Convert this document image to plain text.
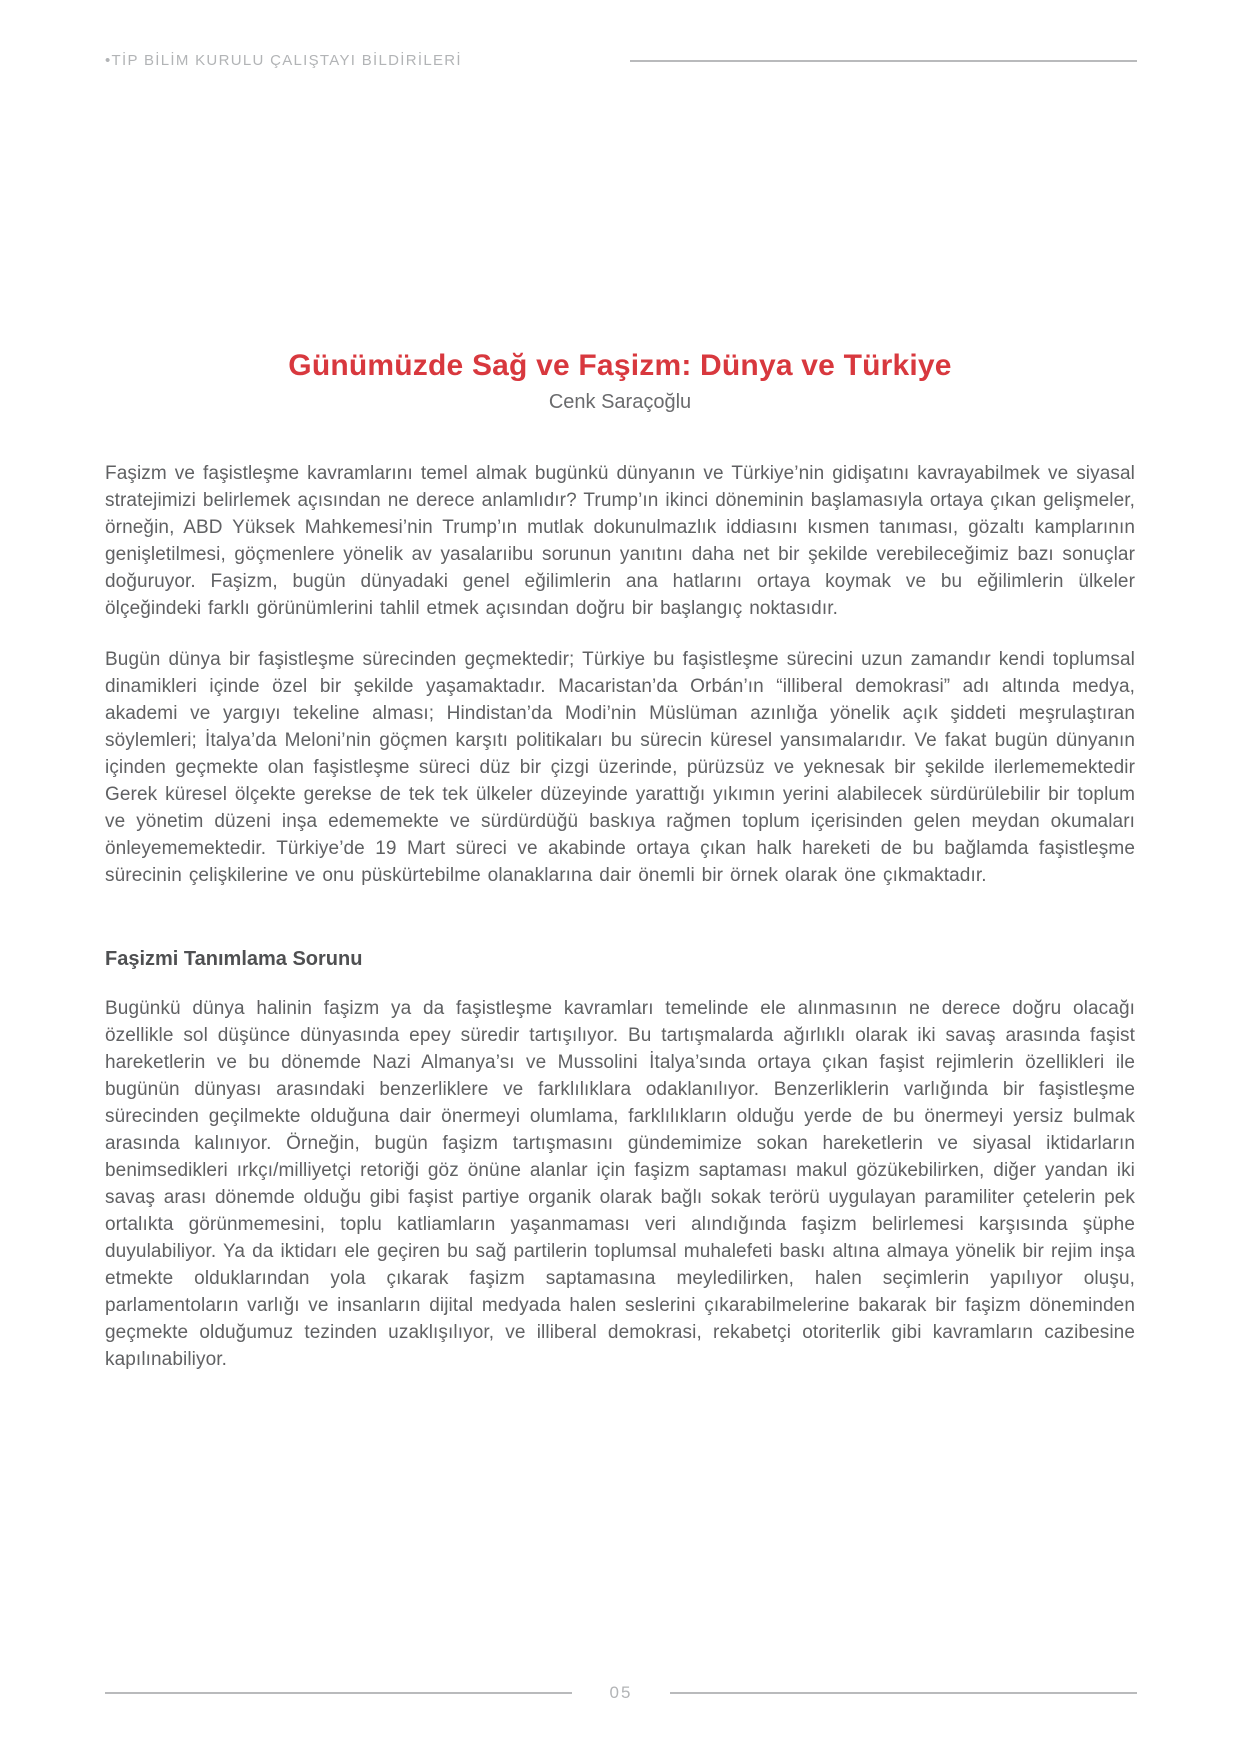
•TİP BİLİM KURULU ÇALIŞTAYI BİLDİRİLERİ
Günümüzde Sağ ve Faşizm: Dünya ve Türkiye
Cenk Saraçoğlu

Faşizm ve faşistleşme kavramlarını temel almak bugünkü dünyanın ve Türkiye’nin gidişatını kavrayabilmek ve siyasal stratejimizi belirlemek açısından ne derece anlamlıdır? Trump’ın ikinci döneminin başlamasıyla ortaya çıkan gelişmeler, örneğin, ABD Yüksek Mahkemesi’nin Trump’ın mutlak dokunulmazlık iddiasını kısmen tanıması, gözaltı kamplarının genişletilmesi, göçmenlere yönelik av yasalarıibu sorunun yanıtını daha net bir şekilde verebileceğimiz bazı sonuçlar doğuruyor. Faşizm, bugün dünyadaki genel eğilimlerin ana hatlarını ortaya koymak ve bu eğilimlerin ülkeler ölçeğindeki farklı görünümlerini tahlil etmek açısından doğru bir başlangıç noktasıdır.

Bugün dünya bir faşistleşme sürecinden geçmektedir; Türkiye bu faşistleşme sürecini uzun zamandır kendi toplumsal dinamikleri içinde özel bir şekilde yaşamaktadır. Macaristan’da Orbán’ın “illiberal demokrasi” adı altında medya, akademi ve yargıyı tekeline alması; Hindistan’da Modi’nin Müslüman azınlığa yönelik açık şiddeti meşrulaştıran söylemleri; İtalya’da Meloni’nin göçmen karşıtı politikaları bu sürecin küresel yansımalarıdır. Ve fakat bugün dünyanın içinden geçmekte olan faşistleşme süreci düz bir çizgi üzerinde, pürüzsüz ve yeknesak bir şekilde ilerlememektedir Gerek küresel ölçekte gerekse de tek tek ülkeler düzeyinde yarattığı yıkımın yerini alabilecek sürdürülebilir bir toplum ve yönetim düzeni inşa edememekte ve sürdürdüğü baskıya rağmen toplum içerisinden gelen meydan okumaları önleyememektedir. Türkiye’de 19 Mart süreci ve akabinde ortaya çıkan halk hareketi de bu bağlamda faşistleşme sürecinin çelişkilerine ve onu püskürtebilme olanaklarına dair önemli bir örnek olarak öne çıkmaktadır.

Faşizmi Tanımlama Sorunu

Bugünkü dünya halinin faşizm ya da faşistleşme kavramları temelinde ele alınmasının ne derece doğru olacağı özellikle sol düşünce dünyasında epey süredir tartışılıyor. Bu tartışmalarda ağırlıklı olarak iki savaş arasında faşist hareketlerin ve bu dönemde Nazi Almanya’sı ve Mussolini İtalya’sında ortaya çıkan faşist rejimlerin özellikleri ile bugünün dünyası arasındaki benzerliklere ve farklılıklara odaklanılıyor. Benzerliklerin varlığında bir faşistleşme sürecinden geçilmekte olduğuna dair önermeyi olumlama, farklılıkların olduğu yerde de bu önermeyi yersiz bulmak arasında kalınıyor. Örneğin, bugün faşizm tartışmasını gündemimize sokan hareketlerin ve siyasal iktidarların benimsedikleri ırkçı/milliyetçi retoriği göz önüne alanlar için faşizm saptaması makul gözükebilirken, diğer yandan iki savaş arası dönemde olduğu gibi faşist partiye organik olarak bağlı sokak terörü uygulayan paramiliter çetelerin pek ortalıkta görünmemesini, toplu katliamların yaşanmaması veri alındığında faşizm belirlemesi karşısında şüphe duyulabiliyor. Ya da iktidarı ele geçiren bu sağ partilerin toplumsal muhalefeti baskı altına almaya yönelik bir rejim inşa etmekte olduklarından yola çıkarak faşizm saptamasına meyledilirken, halen seçimlerin yapılıyor oluşu, parlamentoların varlığı ve insanların dijital medyada halen seslerini çıkarabilmelerine bakarak bir faşizm döneminden geçmekte olduğumuz tezinden uzaklışılıyor, ve illiberal demokrasi, rekabetçi otoriterlik gibi kavramların cazibesine kapılınabiliyor.

05
